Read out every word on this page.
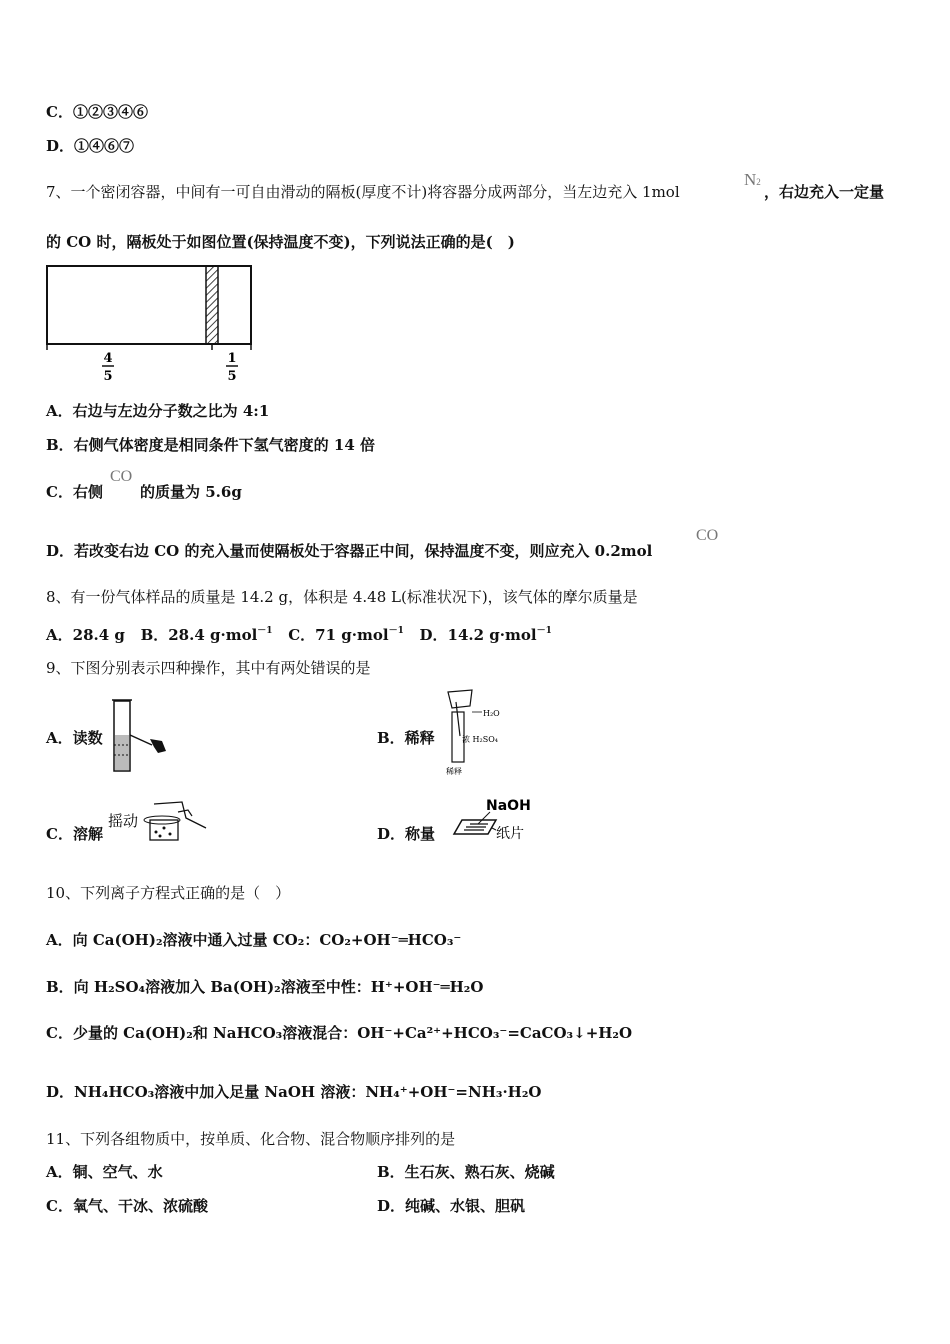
C．①②③④⑥
D．①④⑥⑦
7、一个密闭容器，中间有一可自由滑动的隔板(厚度不计)将容器分成两部分，当左边充入 1mol
N2
，右边充入一定量
的 CO 时，隔板处于如图位置(保持温度不变)，下列说法正确的是(　)
4
5
1
5
A．右边与左边分子数之比为 4:1
B．右侧气体密度是相同条件下氢气密度的 14 倍
C．右侧
CO
的质量为 5.6g
D．若改变右边 CO 的充入量而使隔板处于容器正中间，保持温度不变，则应充入 0.2mol
CO
8、有一份气体样品的质量是 14.2 g，体积是 4.48 L(标准状况下)，该气体的摩尔质量是
A．28.4 g B．28.4 g·mol$^{-1}$ C．71 g·mol$^{-1}$ D．14.2 g·mol$^{-1}$
9、下图分别表示四种操作，其中有两处错误的是
A．读数	B．稀释
H₂O
浓 H₂SO₄
稀释
C．溶解
摇动
D．称量
NaOH
纸片
10、下列离子方程式正确的是（　）
A．向 Ca(OH)₂溶液中通入过量 CO₂：CO₂+OH⁻═HCO₃⁻
B．向 H₂SO₄溶液加入 Ba(OH)₂溶液至中性：H⁺+OH⁻═H₂O
C．少量的 Ca(OH)₂和 NaHCO₃溶液混合：OH⁻+Ca²⁺+HCO₃⁻=CaCO₃↓+H₂O
D．NH₄HCO₃溶液中加入足量 NaOH 溶液：NH₄⁺+OH⁻=NH₃·H₂O
11、下列各组物质中，按单质、化合物、混合物顺序排列的是
A．铜、空气、水	B．生石灰、熟石灰、烧碱
C．氧气、干冰、浓硫酸	D．纯碱、水银、胆矾
